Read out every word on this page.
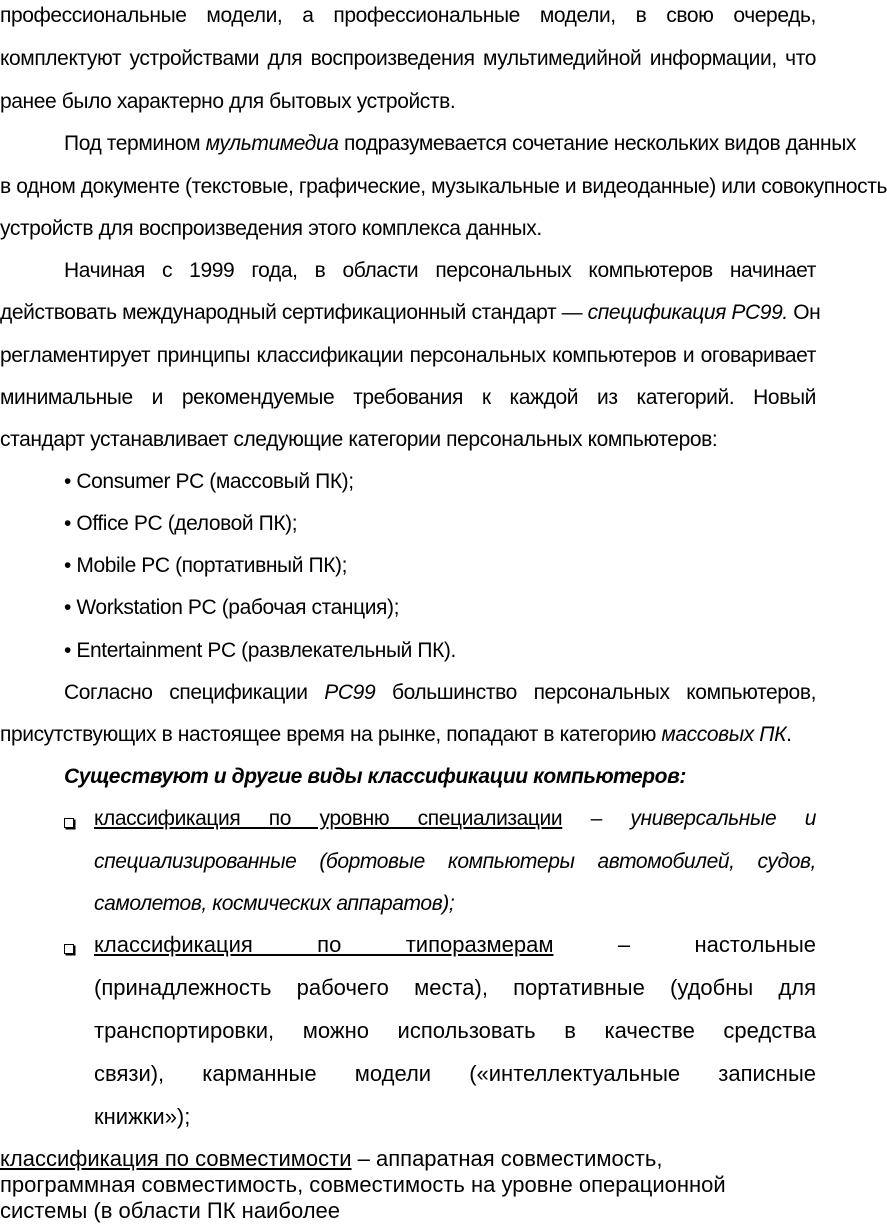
профессиональные модели, а профессиональные модели, в свою очередь,
комплектуют устройствами для воспроизведения мультимедийной информации, что
ранее было характерно для бытовых устройств.
Под термином мультимедиа подразумевается сочетание нескольких видов данных
в одном документе (текстовые, графические, музыкальные и видеоданные) или совокупность
устройств для воспроизведения этого комплекса данных.
Начиная с 1999 года, в области персональных компьютеров начинает
действовать международный сертификационный стандарт — спецификация РС99. Он
регламентирует принципы классификации персональных компьютеров и оговаривает
минимальные и рекомендуемые требования к каждой из категорий. Новый
стандарт устанавливает следующие категории персональных компьютеров:
• Consumer PC (массовый ПК);
• Office PC (деловой ПК);
• Mobile PC (портативный ПК);
• Workstation PC (рабочая станция);
• Entertainment PC (развлекательный ПК).
Согласно спецификации РС99 большинство персональных компьютеров,
присутствующих в настоящее время на рынке, попадают в категорию массовых ПК.
Существуют и другие виды классификации компьютеров:
классификация по уровню специализации – универсальные и
специализированные (бортовые компьютеры автомобилей, судов,
самолетов, космических аппаратов);
классификация по типоразмерам	– настольные
(принадлежность рабочего места), портативные (удобны для
транспортировки, можно использовать в качестве средства
связи), карманные модели («интеллектуальные записные
книжки»);
классификация по совместимости – аппаратная совместимость,
программная совместимость, совместимость на уровне операционной
системы (в области ПК наиболее
